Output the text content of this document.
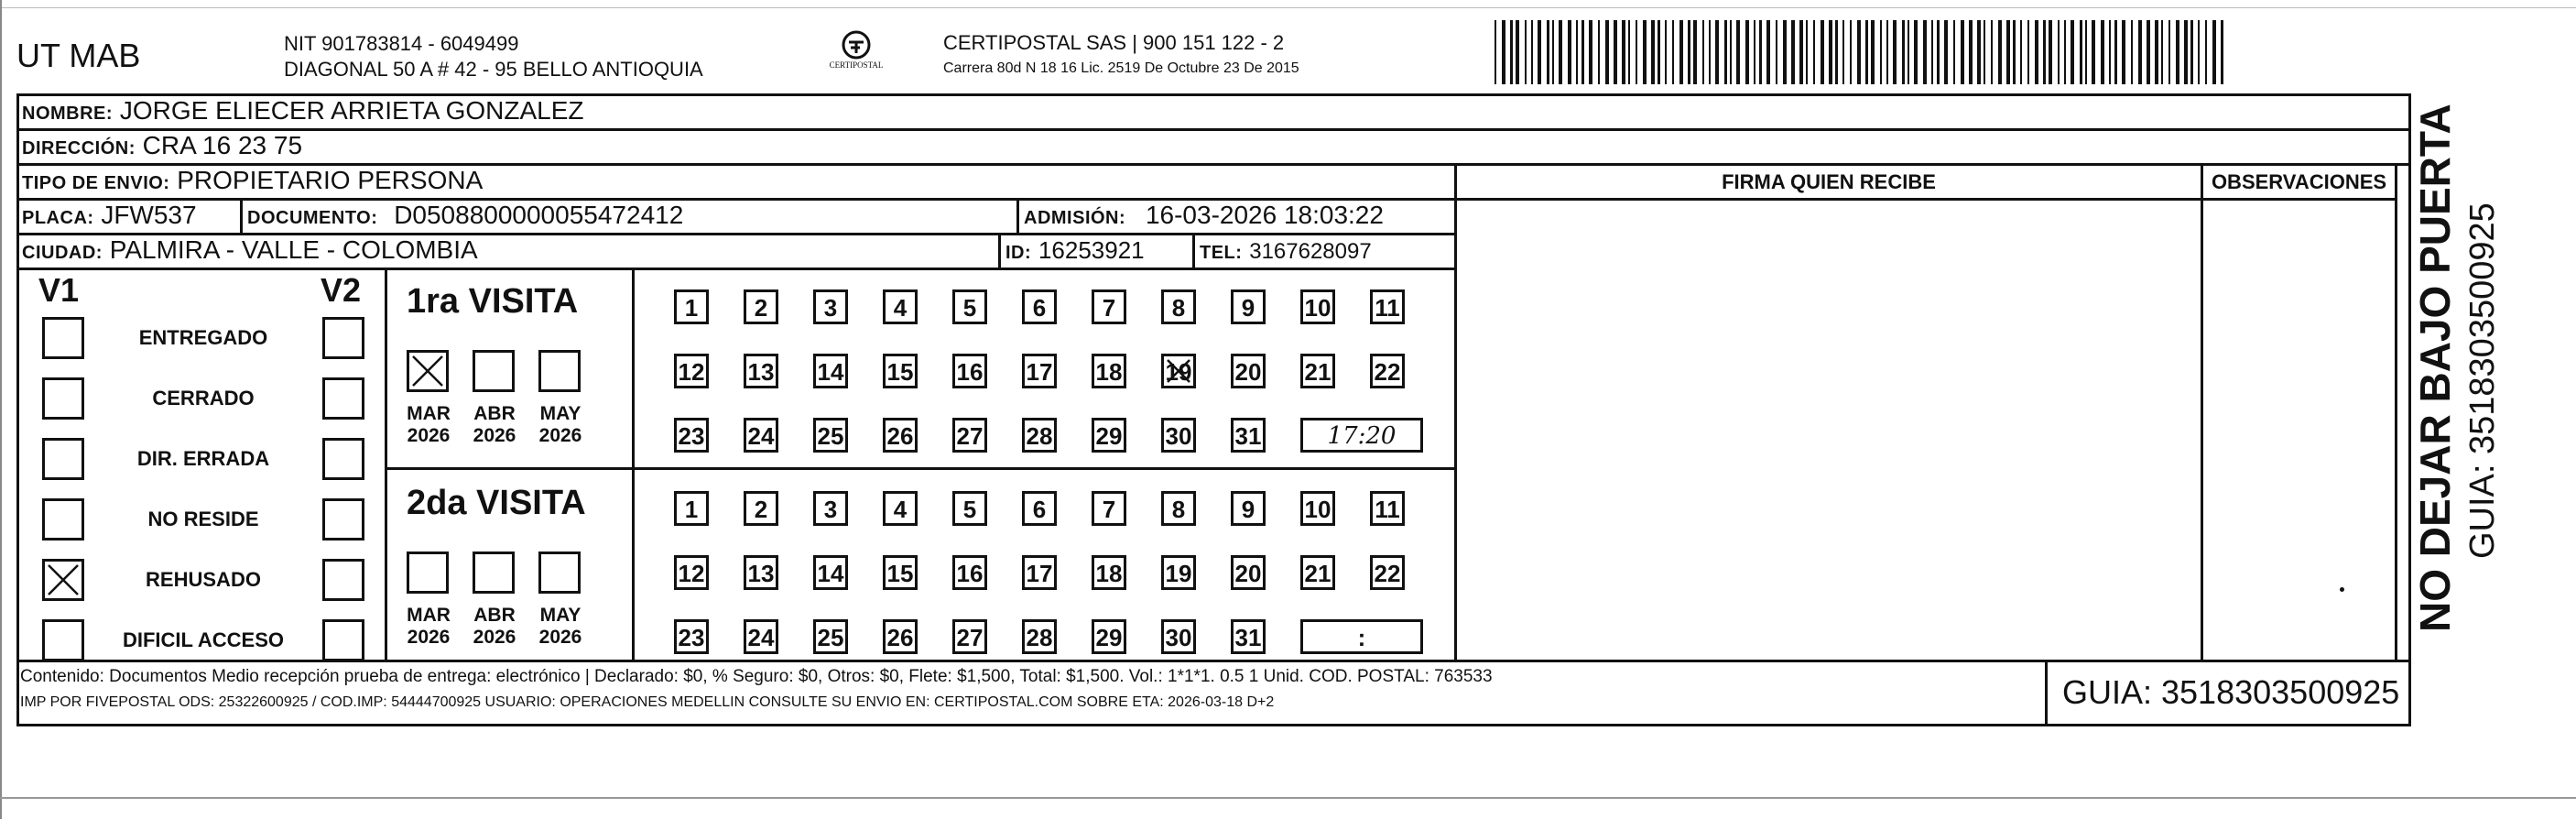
UT MAB	NIT 901783814 - 6049499
DIAGONAL 50 A # 42 - 95 BELLO ANTIOQUIA	CERTIPOSTAL
CERTIPOSTAL SAS | 900 151 122 - 2
Carrera 80d N 18 16 Lic. 2519 De Octubre 23 De 2015
NOMBRE: JORGE ELIECER ARRIETA GONZALEZ
DIRECCIÓN: CRA 16 23 75
TIPO DE ENVIO: PROPIETARIO PERSONA	FIRMA QUIEN RECIBE	OBSERVACIONES
PLACA: JFW537	DOCUMENTO: D0508800000055472412	ADMISIÓN: 16-03-2026 18:03:22
CIUDAD: PALMIRA - VALLE - COLOMBIA	ID: 16253921	TEL: 3167628097
V1	V2
ENTREGADO
CERRADO
DIR. ERRADA
NO RESIDE
REHUSADO
DIFICIL ACCESO
1ra VISITA
MAR
2026
ABR
2026
MAY
2026
1	2	3	4	5	6	7	8	9	10 11
12 13 14 15 16 17 18 19 20 21 22
23 24 25 26 27 28 29 30 31	17:20
2da VISITA
MAR
2026
ABR
2026
MAY
2026
1	2	3	4	5	6	7	8	9	10 11
12 13 14 15 16 17 18 19 20 21 22
23 24 25 26 27 28 29 30 31	:
Contenido: Documentos Medio recepción prueba de entrega: electrónico | Declarado: $0, % Seguro: $0, Otros: $0, Flete: $1,500, Total: $1,500. Vol.: 1*1*1. 0.5 1 Unid. COD. POSTAL: 763533
IMP POR FIVEPOSTAL ODS: 25322600925 / COD.IMP: 54444700925 USUARIO: OPERACIONES MEDELLIN CONSULTE SU ENVIO EN: CERTIPOSTAL.COM SOBRE ETA: 2026-03-18 D+2	GUIA: 3518303500925
NO DEJAR BAJO PUERTA GUIA: 3518303500925
